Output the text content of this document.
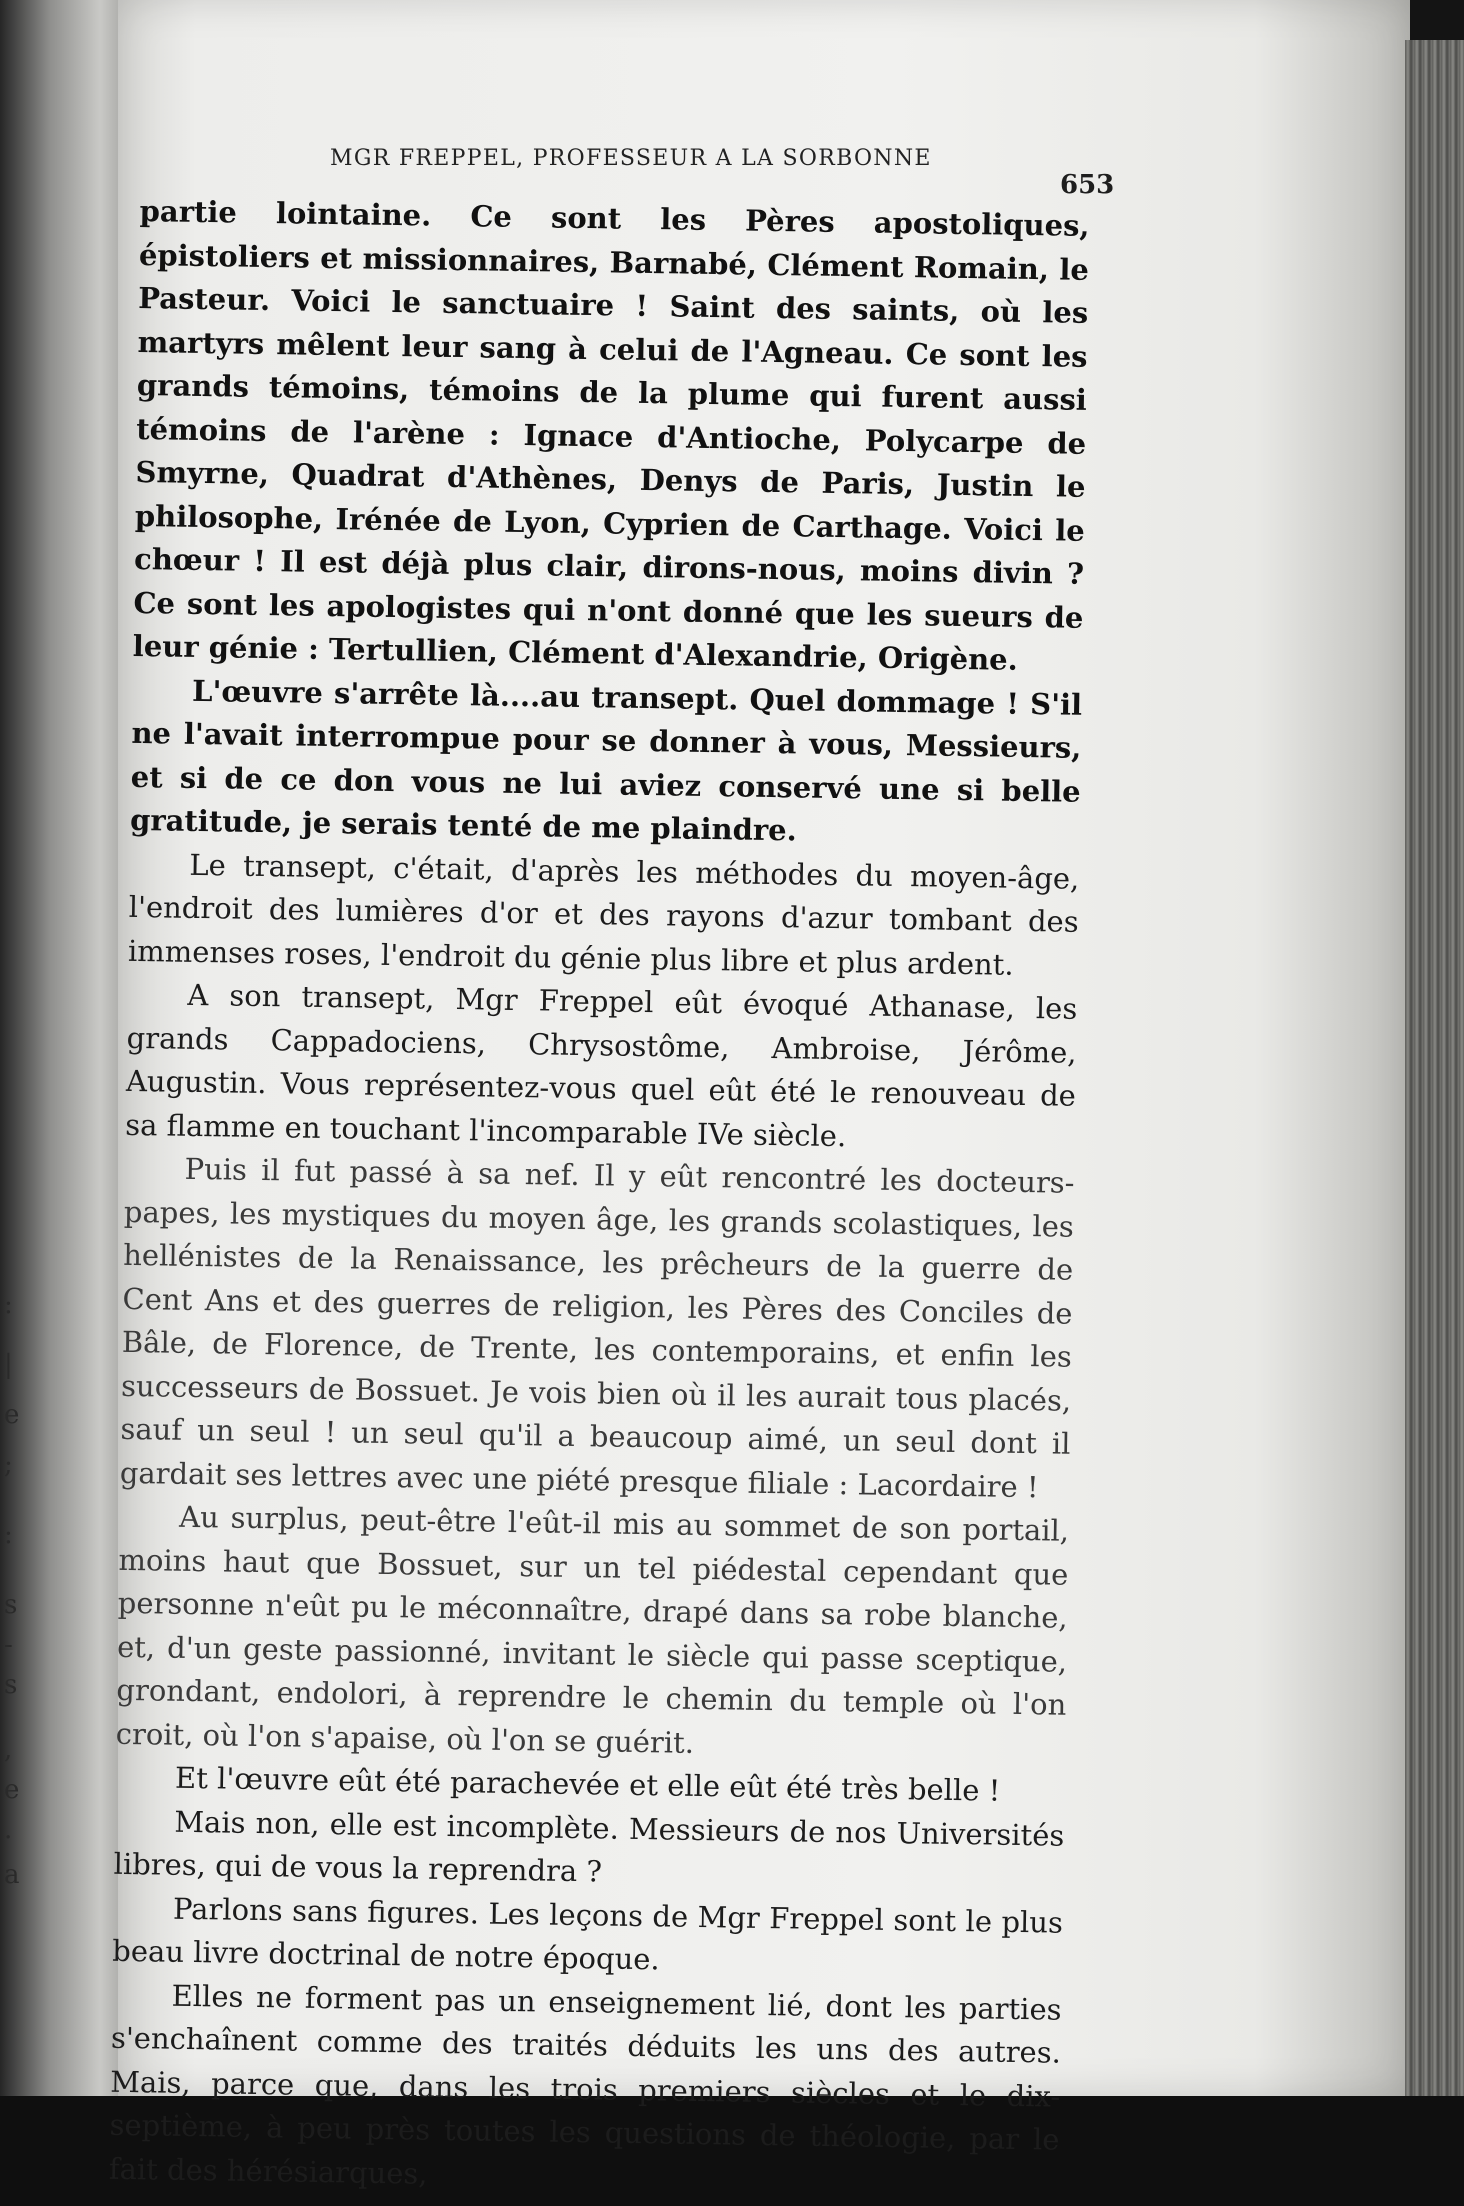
:
|
e
;
:
s
-
s
,
e
.
a
MGR FREPPEL, PROFESSEUR A LA SORBONNE
653

partie lointaine. Ce sont les Pères apostoliques, épistoliers et missionnaires, Barnabé, Clément Romain, le Pasteur. Voici le sanctuaire ! Saint des saints, où les martyrs mêlent leur sang à celui de l'Agneau. Ce sont les grands témoins, témoins de la plume qui furent aussi témoins de l'arène : Ignace d'Antioche, Polycarpe de Smyrne, Quadrat d'Athènes, Denys de Paris, Justin le philosophe, Irénée de Lyon, Cyprien de Carthage. Voici le chœur ! Il est déjà plus clair, dirons-nous, moins divin ? Ce sont les apologistes qui n'ont donné que les sueurs de leur génie : Tertullien, Clément d'Alexandrie, Origène.

L'œuvre s'arrête là....au transept. Quel dommage ! S'il ne l'avait interrompue pour se donner à vous, Messieurs, et si de ce don vous ne lui aviez conservé une si belle gratitude, je serais tenté de me plaindre.

Le transept, c'était, d'après les méthodes du moyen-âge, l'endroit des lumières d'or et des rayons d'azur tombant des immenses roses, l'endroit du génie plus libre et plus ardent.

A son transept, Mgr Freppel eût évoqué Athanase, les grands Cappadociens, Chrysostôme, Ambroise, Jérôme, Augustin. Vous représentez-vous quel eût été le renouveau de sa flamme en touchant l'incomparable IVe siècle.

Puis il fut passé à sa nef. Il y eût rencontré les docteurs-papes, les mystiques du moyen âge, les grands scolastiques, les hellénistes de la Renaissance, les prêcheurs de la guerre de Cent Ans et des guerres de religion, les Pères des Conciles de Bâle, de Florence, de Trente, les contemporains, et enfin les successeurs de Bossuet. Je vois bien où il les aurait tous placés, sauf un seul ! un seul qu'il a beaucoup aimé, un seul dont il gardait ses lettres avec une piété presque filiale : Lacordaire !

Au surplus, peut-être l'eût-il mis au sommet de son portail, moins haut que Bossuet, sur un tel piédestal cependant que personne n'eût pu le méconnaître, drapé dans sa robe blanche, et, d'un geste passionné, invitant le siècle qui passe sceptique, grondant, endolori, à reprendre le chemin du temple où l'on croit, où l'on s'apaise, où l'on se guérit.

Et l'œuvre eût été parachevée et elle eût été très belle !

Mais non, elle est incomplète. Messieurs de nos Universités libres, qui de vous la reprendra ?

Parlons sans figures. Les leçons de Mgr Freppel sont le plus beau livre doctrinal de notre époque.

Elles ne forment pas un enseignement lié, dont les parties s'enchaînent comme des traités déduits les uns des autres. Mais, parce que, dans les trois premiers siècles et le dix-septième, à peu près toutes les questions de théologie, par le fait des hérésiarques,
